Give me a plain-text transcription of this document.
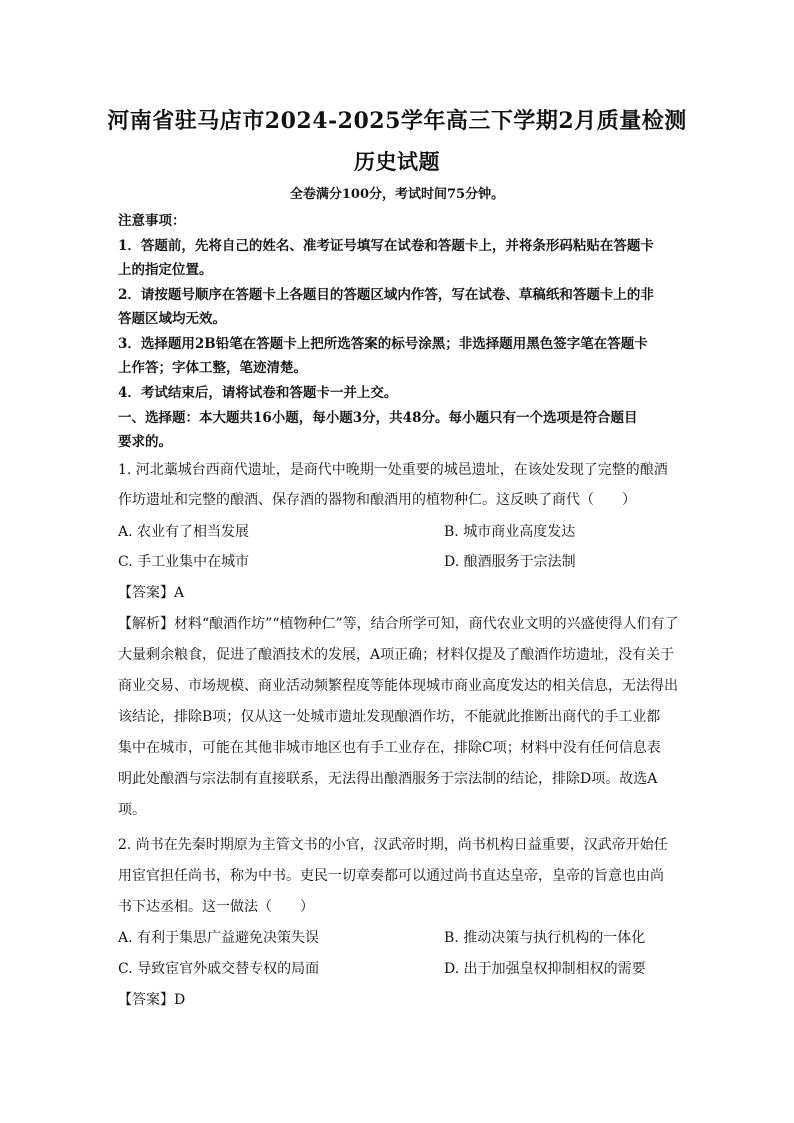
河南省驻马店市2024-2025学年高三下学期2月质量检测
历史试题
全卷满分100分，考试时间75分钟。
注意事项：
1．答题前，先将自己的姓名、准考证号填写在试卷和答题卡上，并将条形码粘贴在答题卡
上的指定位置。
2．请按题号顺序在答题卡上各题目的答题区域内作答，写在试卷、草稿纸和答题卡上的非
答题区域均无效。
3．选择题用2B铅笔在答题卡上把所选答案的标号涂黑；非选择题用黑色签字笔在答题卡
上作答；字体工整，笔迹清楚。
4．考试结束后，请将试卷和答题卡一并上交。
一、选择题：本大题共16小题，每小题3分，共48分。每小题只有一个选项是符合题目
要求的。
1. 河北藁城台西商代遗址，是商代中晚期一处重要的城邑遗址，在该处发现了完整的酿酒
作坊遗址和完整的酿酒、保存酒的器物和酿酒用的植物种仁。这反映了商代（　　）
A. 农业有了相当发展	B. 城市商业高度发达
C. 手工业集中在城市	D. 酿酒服务于宗法制
【答案】A
【解析】材料“酿酒作坊”“植物种仁”等，结合所学可知，商代农业文明的兴盛使得人们有了
大量剩余粮食，促进了酿酒技术的发展，A项正确；材料仅提及了酿酒作坊遗址，没有关于
商业交易、市场规模、商业活动频繁程度等能体现城市商业高度发达的相关信息，无法得出
该结论，排除B项；仅从这一处城市遗址发现酿酒作坊，不能就此推断出商代的手工业都
集中在城市，可能在其他非城市地区也有手工业存在，排除C项；材料中没有任何信息表
明此处酿酒与宗法制有直接联系，无法得出酿酒服务于宗法制的结论，排除D项。故选A
项。
2. 尚书在先秦时期原为主管文书的小官，汉武帝时期，尚书机构日益重要，汉武帝开始任
用宦官担任尚书，称为中书。吏民一切章奏都可以通过尚书直达皇帝，皇帝的旨意也由尚
书下达丞相。这一做法（　　）
A. 有利于集思广益避免决策失误	B. 推动决策与执行机构的一体化
C. 导致宦官外戚交替专权的局面	D. 出于加强皇权抑制相权的需要
【答案】D
